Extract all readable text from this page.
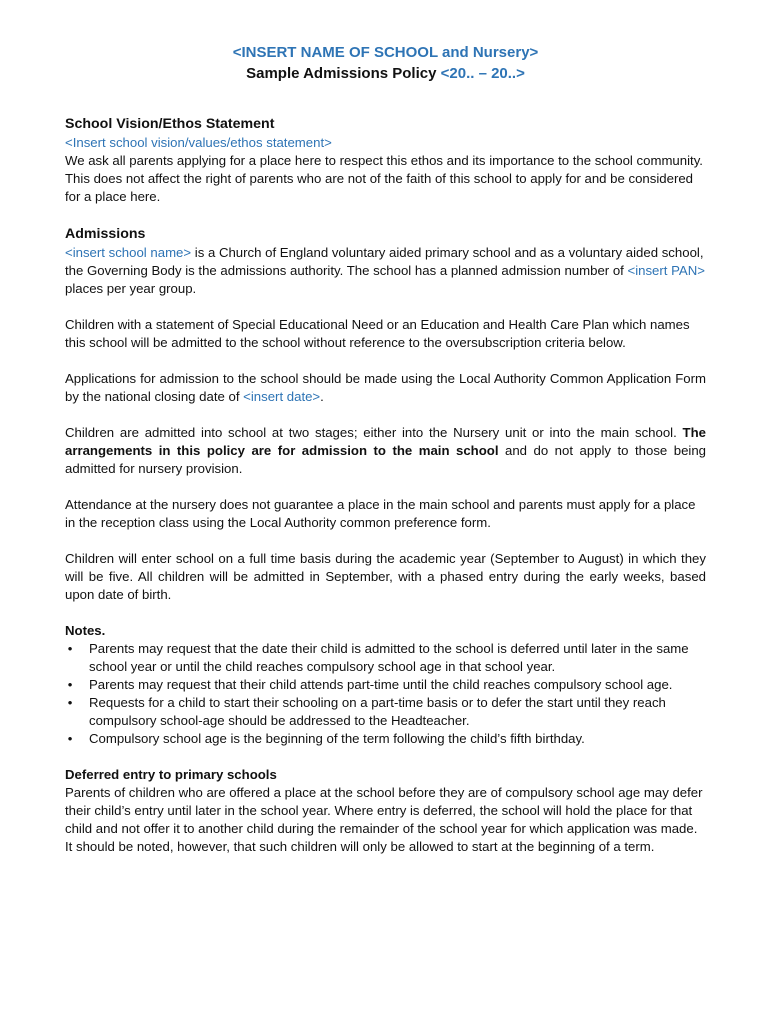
<INSERT NAME OF SCHOOL and Nursery>
Sample Admissions Policy <20.. – 20..>
School Vision/Ethos Statement

<Insert school vision/values/ethos statement>

We ask all parents applying for a place here to respect this ethos and its importance to the school community. This does not affect the right of parents who are not of the faith of this school to apply for and be considered for a place here.

Admissions

<insert school name> is a Church of England voluntary aided primary school and as a voluntary aided school, the Governing Body is the admissions authority. The school has a planned admission number of <insert PAN> places per year group.

Children with a statement of Special Educational Need or an Education and Health Care Plan which names this school will be admitted to the school without reference to the oversubscription criteria below.

Applications for admission to the school should be made using the Local Authority Common Application Form by the national closing date of <insert date>.

Children are admitted into school at two stages; either into the Nursery unit or into the main school. The arrangements in this policy are for admission to the main school and do not apply to those being admitted for nursery provision.

Attendance at the nursery does not guarantee a place in the main school and parents must apply for a place in the reception class using the Local Authority common preference form.

Children will enter school on a full time basis during the academic year (September to August) in which they will be five. All children will be admitted in September, with a phased entry during the early weeks, based upon date of birth.

Notes.

• Parents may request that the date their child is admitted to the school is deferred until later in the same school year or until the child reaches compulsory school age in that school year.
• Parents may request that their child attends part-time until the child reaches compulsory school age.
• Requests for a child to start their schooling on a part-time basis or to defer the start until they reach compulsory school-age should be addressed to the Headteacher.
• Compulsory school age is the beginning of the term following the child’s fifth birthday.

Deferred entry to primary schools

Parents of children who are offered a place at the school before they are of compulsory school age may defer their child’s entry until later in the school year. Where entry is deferred, the school will hold the place for that child and not offer it to another child during the remainder of the school year for which application was made.

It should be noted, however, that such children will only be allowed to start at the beginning of a term.
